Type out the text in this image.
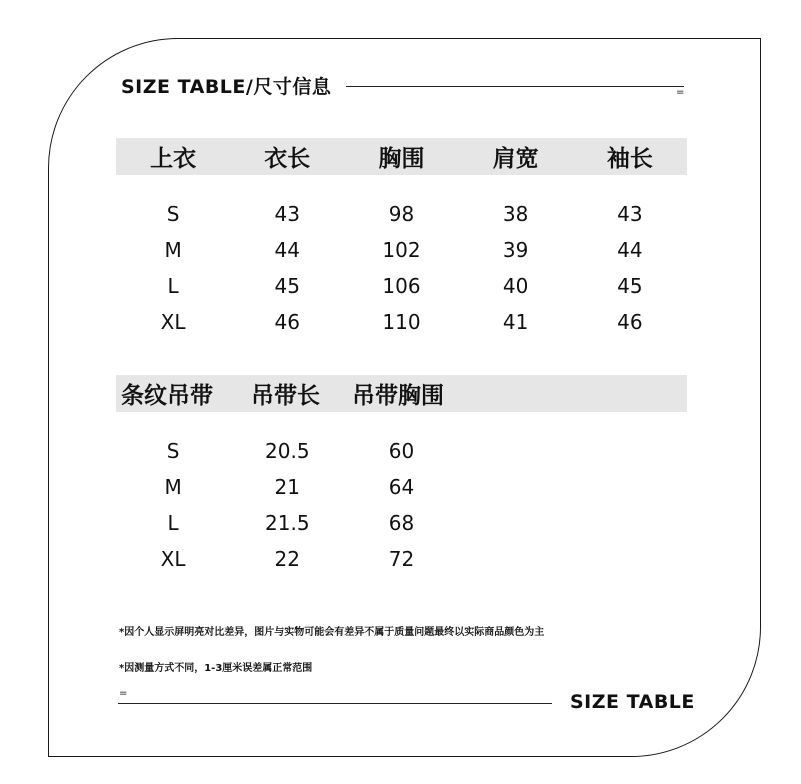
SIZE TABLE/尺寸信息	=
上衣	衣长	胸围	肩宽	袖长
S	43	98	38	43
M	44	102	39	44
L	45	106	40	45
XL	46	110	41	46
条纹吊带	吊带长	吊带胸围
S	20.5	60
M	21	64
L	21.5	68
XL	22	72
*因个人显示屏明亮对比差异，图片与实物可能会有差异不属于质量问题最终以实际商品颜色为主
*因测量方式不同，1-3厘米误差属正常范围
=	SIZE TABLE
